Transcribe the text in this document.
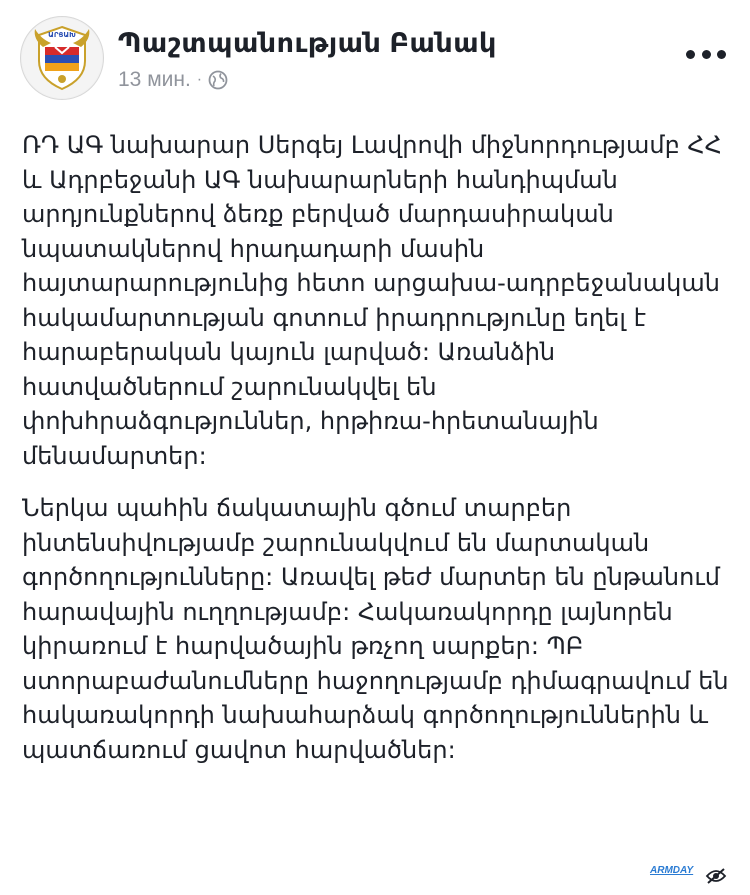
ԱՐՑԱԽ Պաշտպանության Բանակ
13 мин. ·

ՌԴ ԱԳ նախարար Սերգեյ Լավրովի միջնորդությամբ ՀՀ և Ադրբեջանի ԱԳ նախարարների հանդիպման արդյունքներով ձեռք բերված մարդասիրական նպատակներով հրադադարի մասին հայտարարությունից հետո արցախա-ադրբեջանական հակամարտության գոտում իրադրությունը եղել է հարաբերական կայուն լարված: Առանձին հատվածներում շարունակվել են փոխհրաձգություններ, հրթիռա-հրետանային մենամարտեր:

Ներկա պահին ճակատային գծում տարբեր ինտենսիվությամբ շարունակվում են մարտական գործողությունները: Առավել թեժ մարտեր են ընթանում հարավային ուղղությամբ: Հակառակորդը լայնորեն կիրառում է հարվածային թռչող սարքեր: ՊԲ ստորաբաժանումները հաջողությամբ դիմագրավում են հակառակորդի նախահարձակ գործողություններին և պատճառում ցավոտ հարվածներ:

ARMDAY
